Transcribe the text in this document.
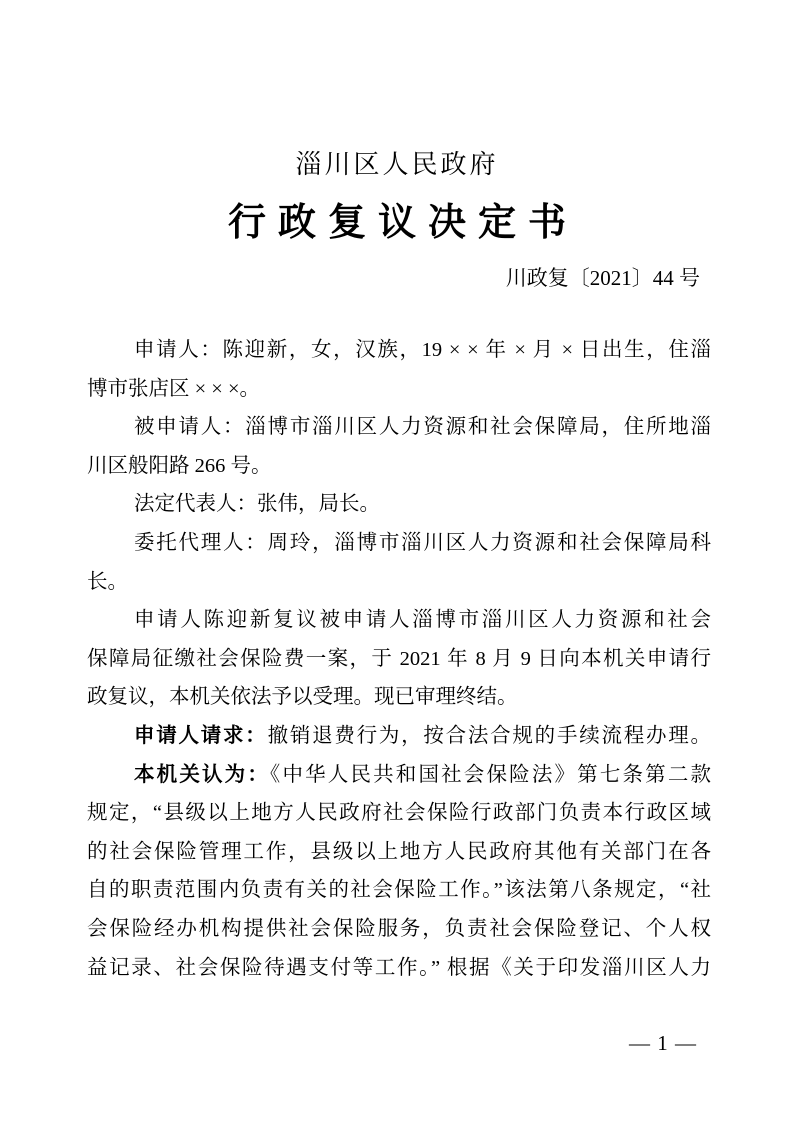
淄川区人民政府
行政复议决定书
川政复〔2021〕44 号
申请人：陈迎新，女，汉族，19 × × 年 × 月 × 日出生，住淄
博市张店区 × × ×。
被申请人：淄博市淄川区人力资源和社会保障局，住所地淄
川区般阳路 266 号。
法定代表人：张伟，局长。
委托代理人：周玲，淄博市淄川区人力资源和社会保障局科
长。
申请人陈迎新复议被申请人淄博市淄川区人力资源和社会
保障局征缴社会保险费一案，于 2021 年 8 月 9 日向本机关申请行
政复议，本机关依法予以受理。现已审理终结。
申请人请求：撤销退费行为，按合法合规的手续流程办理。
本机关认为：《中华人民共和国社会保险法》第七条第二款
规定，“县级以上地方人民政府社会保险行政部门负责本行政区域
的社会保险管理工作，县级以上地方人民政府其他有关部门在各
自的职责范围内负责有关的社会保险工作。”该法第八条规定，“社
会保险经办机构提供社会保险服务，负责社会保险登记、个人权
益记录、社会保险待遇支付等工作。” 根据《关于印发淄川区人力
— 1 —
